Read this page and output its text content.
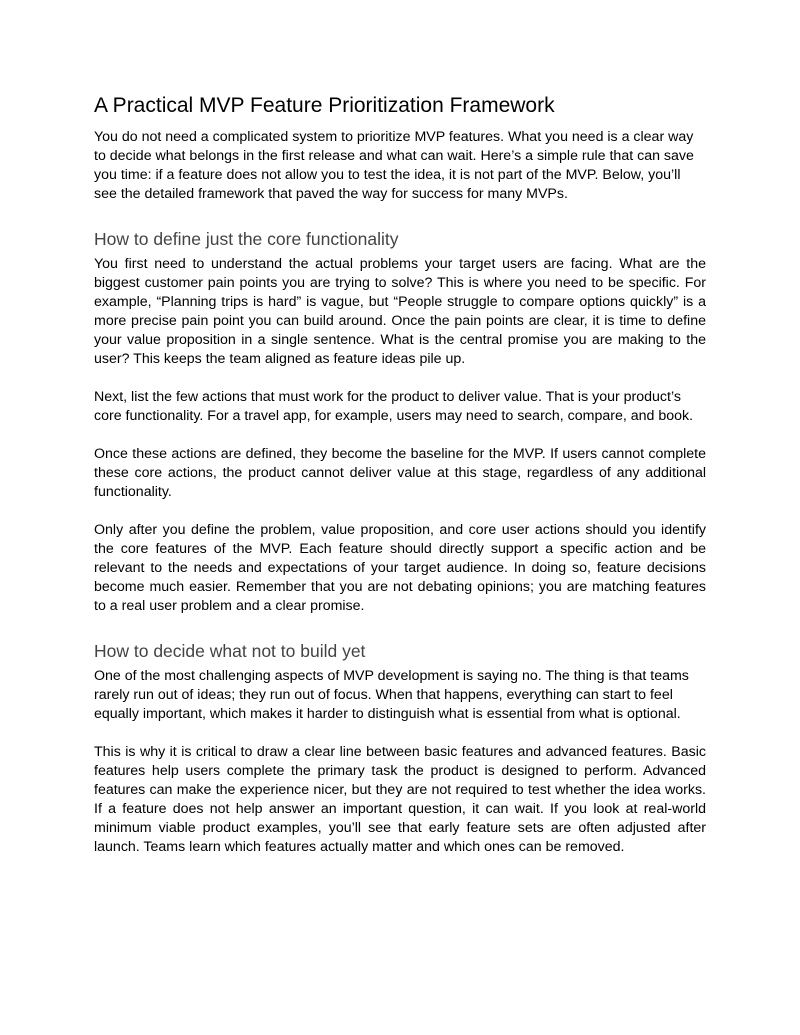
A Practical MVP Feature Prioritization Framework

You do not need a complicated system to prioritize MVP features. What you need is a clear way to decide what belongs in the first release and what can wait. Here’s a simple rule that can save you time: if a feature does not allow you to test the idea, it is not part of the MVP. Below, you’ll see the detailed framework that paved the way for success for many MVPs.

How to define just the core functionality

You first need to understand the actual problems your target users are facing. What are the biggest customer pain points you are trying to solve? This is where you need to be specific. For example, “Planning trips is hard” is vague, but “People struggle to compare options quickly” is a more precise pain point you can build around. Once the pain points are clear, it is time to define your value proposition in a single sentence. What is the central promise you are making to the user? This keeps the team aligned as feature ideas pile up.

Next, list the few actions that must work for the product to deliver value. That is your product’s core functionality. For a travel app, for example, users may need to search, compare, and book.

Once these actions are defined, they become the baseline for the MVP. If users cannot complete these core actions, the product cannot deliver value at this stage, regardless of any additional functionality.

Only after you define the problem, value proposition, and core user actions should you identify the core features of the MVP. Each feature should directly support a specific action and be relevant to the needs and expectations of your target audience. In doing so, feature decisions become much easier. Remember that you are not debating opinions; you are matching features to a real user problem and a clear promise.

How to decide what not to build yet

One of the most challenging aspects of MVP development is saying no. The thing is that teams rarely run out of ideas; they run out of focus. When that happens, everything can start to feel equally important, which makes it harder to distinguish what is essential from what is optional.

This is why it is critical to draw a clear line between basic features and advanced features. Basic features help users complete the primary task the product is designed to perform. Advanced features can make the experience nicer, but they are not required to test whether the idea works. If a feature does not help answer an important question, it can wait. If you look at real-world minimum viable product examples, you’ll see that early feature sets are often adjusted after launch. Teams learn which features actually matter and which ones can be removed.
